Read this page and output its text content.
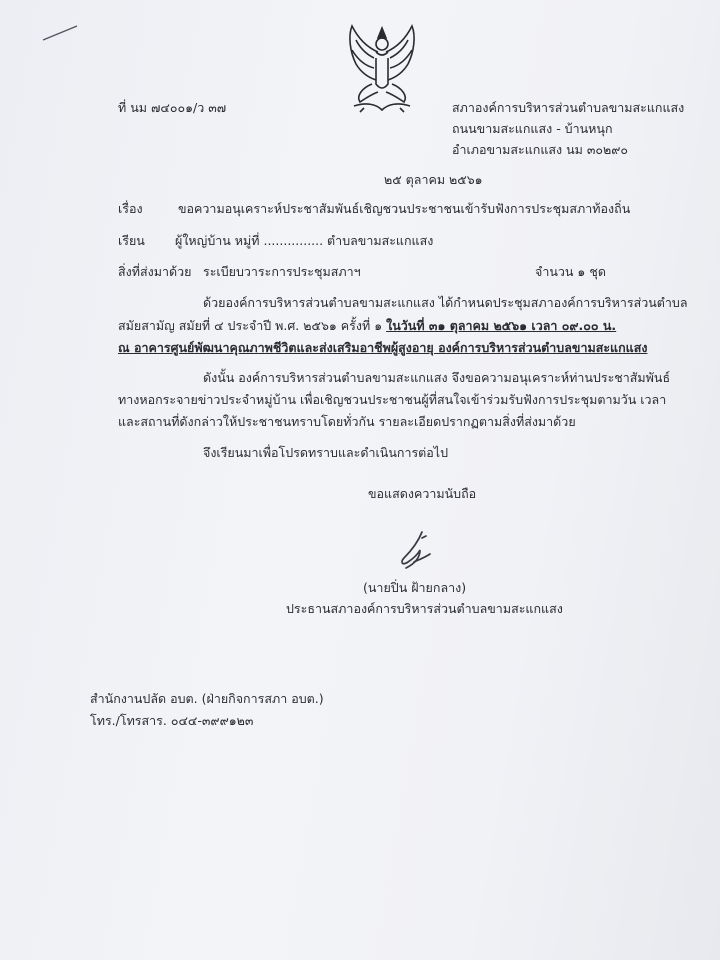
ที่ นม ๗๔๐๐๑/ว ๓๗	สภาองค์การบริหารส่วนตำบลขามสะแกแสง
ถนนขามสะแกแสง - บ้านหนุก
อำเภอขามสะแกแสง นม ๓๐๒๙๐
๒๕ ตุลาคม ๒๕๖๑
เรื่อง	ขอความอนุเคราะห์ประชาสัมพันธ์เชิญชวนประชาชนเข้ารับฟังการประชุมสภาท้องถิ่น
เรียน ผู้ใหญ่บ้าน หมู่ที่ ............... ตำบลขามสะแกแสง
สิ่งที่ส่งมาด้วย ระเบียบวาระการประชุมสภาฯ	จำนวน ๑ ชุด
ด้วยองค์การบริหารส่วนตำบลขามสะแกแสง ได้กำหนดประชุมสภาองค์การบริหารส่วนตำบล
สมัยสามัญ สมัยที่ ๔ ประจำปี พ.ศ. ๒๕๖๑ ครั้งที่ ๑ ในวันที่ ๓๑ ตุลาคม ๒๕๖๑ เวลา ๐๙.๐๐ น.
ณ อาคารศูนย์พัฒนาคุณภาพชีวิตและส่งเสริมอาชีพผู้สูงอายุ องค์การบริหารส่วนตำบลขามสะแกแสง
ดังนั้น องค์การบริหารส่วนตำบลขามสะแกแสง จึงขอความอนุเคราะห์ท่านประชาสัมพันธ์
ทางหอกระจายข่าวประจำหมู่บ้าน เพื่อเชิญชวนประชาชนผู้ที่สนใจเข้าร่วมรับฟังการประชุมตามวัน เวลา
และสถานที่ดังกล่าวให้ประชาชนทราบโดยทั่วกัน รายละเอียดปรากฏตามสิ่งที่ส่งมาด้วย
จึงเรียนมาเพื่อโปรดทราบและดำเนินการต่อไป
ขอแสดงความนับถือ
(นายปิ่น ฝ้ายกลาง)
ประธานสภาองค์การบริหารส่วนตำบลขามสะแกแสง
สำนักงานปลัด อบต. (ฝ่ายกิจการสภา อบต.)
โทร./โทรสาร. ๐๔๔-๓๙๙๑๒๓
